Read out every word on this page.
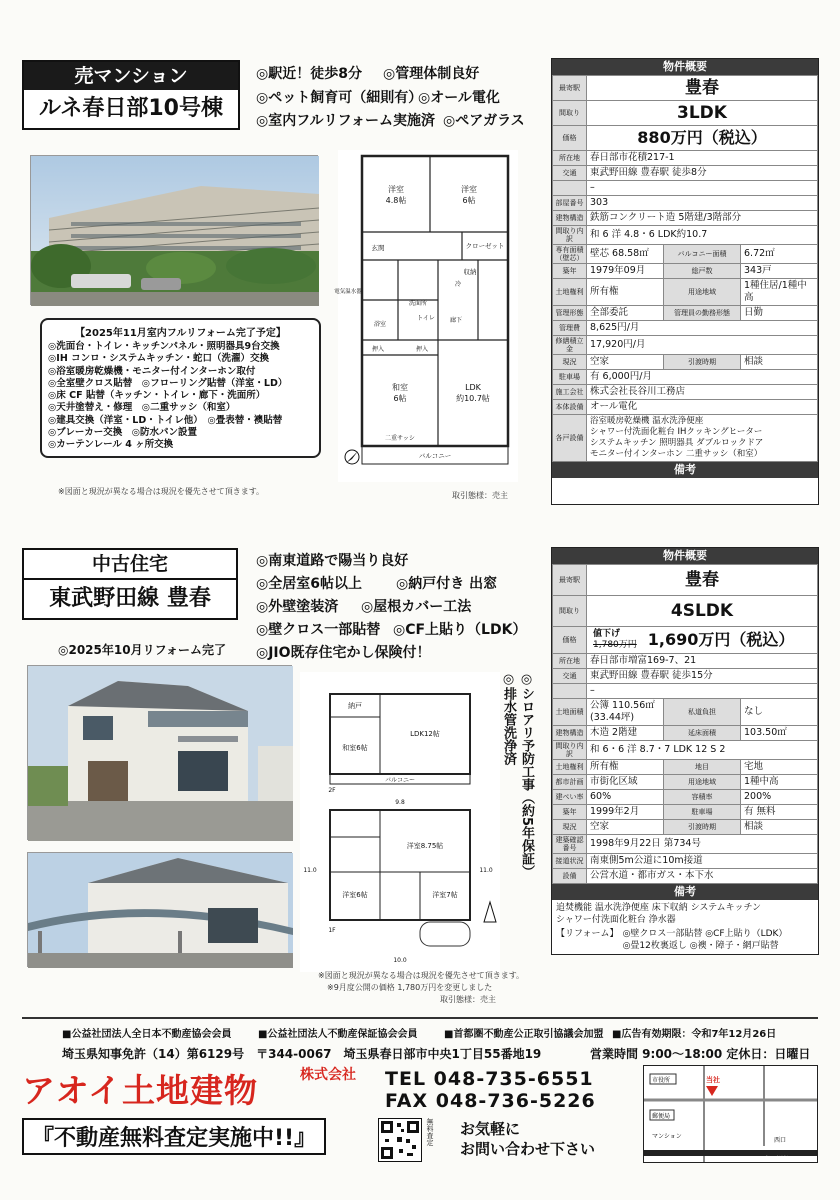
売マンション
ルネ春日部10号棟
◎駅近！徒歩8分 ◎管理体制良好
◎ペット飼育可（細則有）
◎オール電化
◎室内フルリフォーム実施済 ◎ペアガラス
洋室
4.8帖
洋室
6帖
クローゼット
玄関
収納
洗面所
トイレ
浴室
冷
廊下
押入	押入
和室
6帖
LDK
約10.7帖
二重サッシ
バルコニー
電気温水器
【2025年11月室内フルリフォーム完了予定】
◎洗面台・トイレ・キッチンパネル・照明器具9台交換
◎IH コンロ・システムキッチン・蛇口（洗濯）交換
◎浴室暖房乾燥機・モニター付インターホン取付
◎全室壁クロス貼替　◎フローリング貼替（洋室・LD）
◎床 CF 貼替（キッチン・トイレ・廊下・洗面所）
◎天井塗替え・修理　◎二重サッシ（和室）
◎建具交換（洋室・LD・トイレ他）　◎畳表替・襖貼替
◎ブレーカー交換　◎防水パン設置
◎カーテンレール 4 ヶ所交換
※図面と現況が異なる場合は現況を優先させて頂きます。	取引態様：売主
物件概要
最寄駅	豊春		
間取り	3LDK		
価格	880万円（税込）		
所在地	春日部市花積217-1		
交通	東武野田線 豊春駅 徒歩8分		
	–		
部屋番号	303		
建物構造	鉄筋コンクリート造 5階建/3階部分		
間取り内訳	和 6 洋 4.8・6 LDK約10.7		
専有面積（壁芯）	壁芯 68.58㎡	バルコニー面積	6.72㎡
築年	1979年09月	総戸数	343戸
土地権利	所有権	用途地域	1種住居/1種中高
管理形態	全部委託	管理員の勤務形態	日勤
管理費	8,625円/月		
修繕積立金	17,920円/月		
現況	空家	引渡時期	相談
駐車場	有 6,000円/月		
施工会社	株式会社長谷川工務店		
本体設備	オール電化		
各戸設備	浴室暖房乾燥機 温水洗浄便座
シャワー付洗面化粧台 IHクッキングヒーター
システムキッチン 照明器具 ダブルロックドア
モニター付インターホン 二重サッシ（和室）		
備考
中古住宅
東武野田線 豊春
◎南東道路で陽当り良好
◎全居室6帖以上 ◎納戸付き 出窓
◎外壁塗装済 ◎屋根カバー工法
◎壁クロス一部貼替 ◎CF上貼り（LDK）
◎JIO既存住宅かし保険付！
◎2025年10月リフォーム完了
納戸
和室6帖
LDK12帖
バルコニー
2F
洋室8.75帖
洋室6帖	洋室7帖
1F
9.8
11.0	11.0
10.0
◎シロアリ予防工事（約5年保証）
◎排水管洗浄済
※図面と現況が異なる場合は現況を優先させて頂きます。
※9月度公開の価格 1,780万円を変更しました
取引態様：売主
物件概要
最寄駅	豊春		
間取り	4SLDK		
価格	値下げ
1,780万円 1,690万円（税込）		
所在地	春日部市増富169-7、21		
交通	東武野田線 豊春駅 徒歩15分		
	–		
土地面積	公簿 110.56㎡ (33.44坪)	私道負担	なし
建物構造	木造 2階建	延床面積	103.50㎡
間取り内訳	和 6・6 洋 8.7・7 LDK 12 S 2		
土地権利	所有権	地目	宅地
都市計画	市街化区域	用途地域	1種中高
建ぺい率	60%	容積率	200%
築年	1999年2月	駐車場	有 無料
現況	空家	引渡時期	相談
建築確認番号	1998年9月22日 第734号		
接道状況	南東側5m公道に10m接道		
設備	公営水道・都市ガス・本下水		
備考
追焚機能 温水洗浄便座 床下収納 システムキッチン
シャワー付洗面化粧台 浄水器
【リフォーム】 ◎壁クロス一部貼替 ◎CF上貼り（LDK）
◎畳12枚裏返し ◎襖・障子・網戸貼替
■公益社団法人全日本不動産協会会員	■公益社団法人不動産保証協会会員	■首都圏不動産公正取引協議会加盟 ■広告有効期限：令和7年12月26日
埼玉県知事免許（14）第6129号　〒344-0067　埼玉県春日部市中央1丁目55番地19	営業時間 9:00～18:00 定休日：日曜日
アオイ土地建物	株式会社
『不動産無料査定実施中!!』
TEL 048-735-6551
FAX 048-736-5226
無料査定 お気軽に
お問い合わせ下さい
市役所
郵便局
マンション
当社
西口
春日部駅
